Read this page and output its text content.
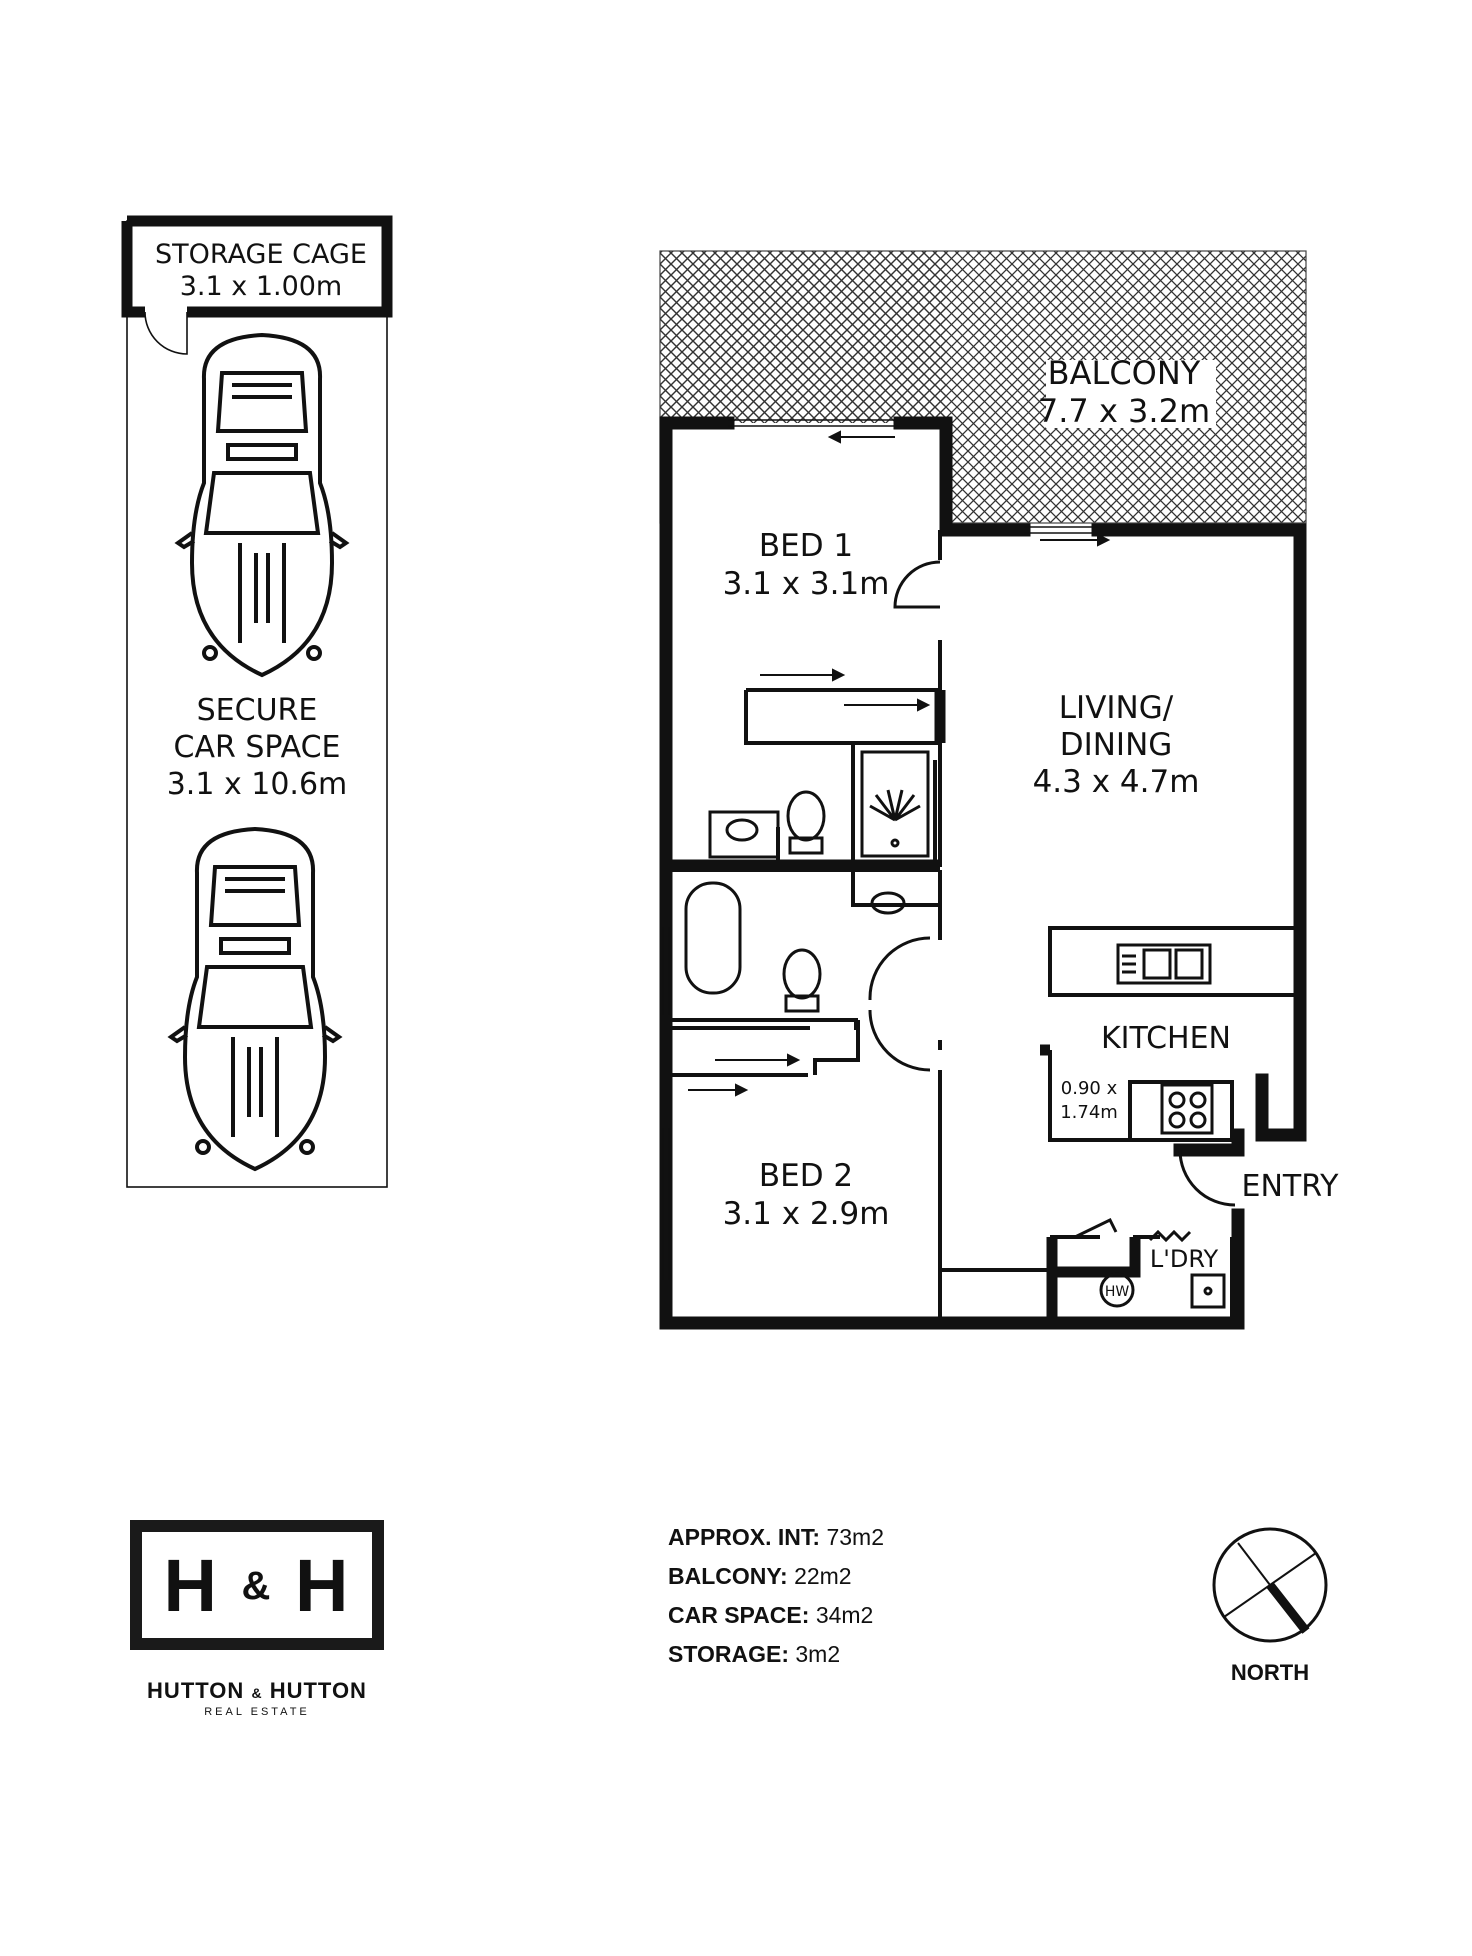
STORAGE CAGE
3.1 x 1.00m
SECURE
CAR SPACE
3.1 x 10.6m
BALCONY
7.7 x 3.2m
BED 1
3.1 x 3.1m
LIVING/
DINING
4.3 x 4.7m
KITCHEN
0.90 x
1.74m
ENTRY
BED 2
3.1 x 2.9m
L'DRY
HW
H & H
HUTTON & HUTTON
REAL ESTATE
APPROX. INT: 73m2
BALCONY: 22m2
CAR SPACE: 34m2
STORAGE: 3m2
NORTH
